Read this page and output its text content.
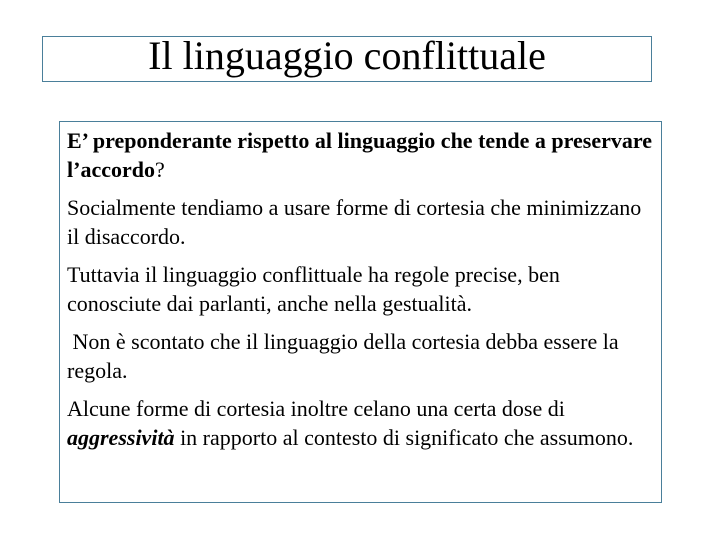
Il linguaggio conflittuale

E’ preponderante rispetto al linguaggio che tende a preservare l’accordo?

Socialmente tendiamo a usare forme di cortesia che minimizzano il disaccordo.

Tuttavia il linguaggio conflittuale ha regole precise, ben conosciute dai parlanti, anche nella gestualità.

Non è scontato che il linguaggio della cortesia debba essere la regola.

Alcune forme di cortesia inoltre celano una certa dose di aggressività in rapporto al contesto di significato che assumono.
